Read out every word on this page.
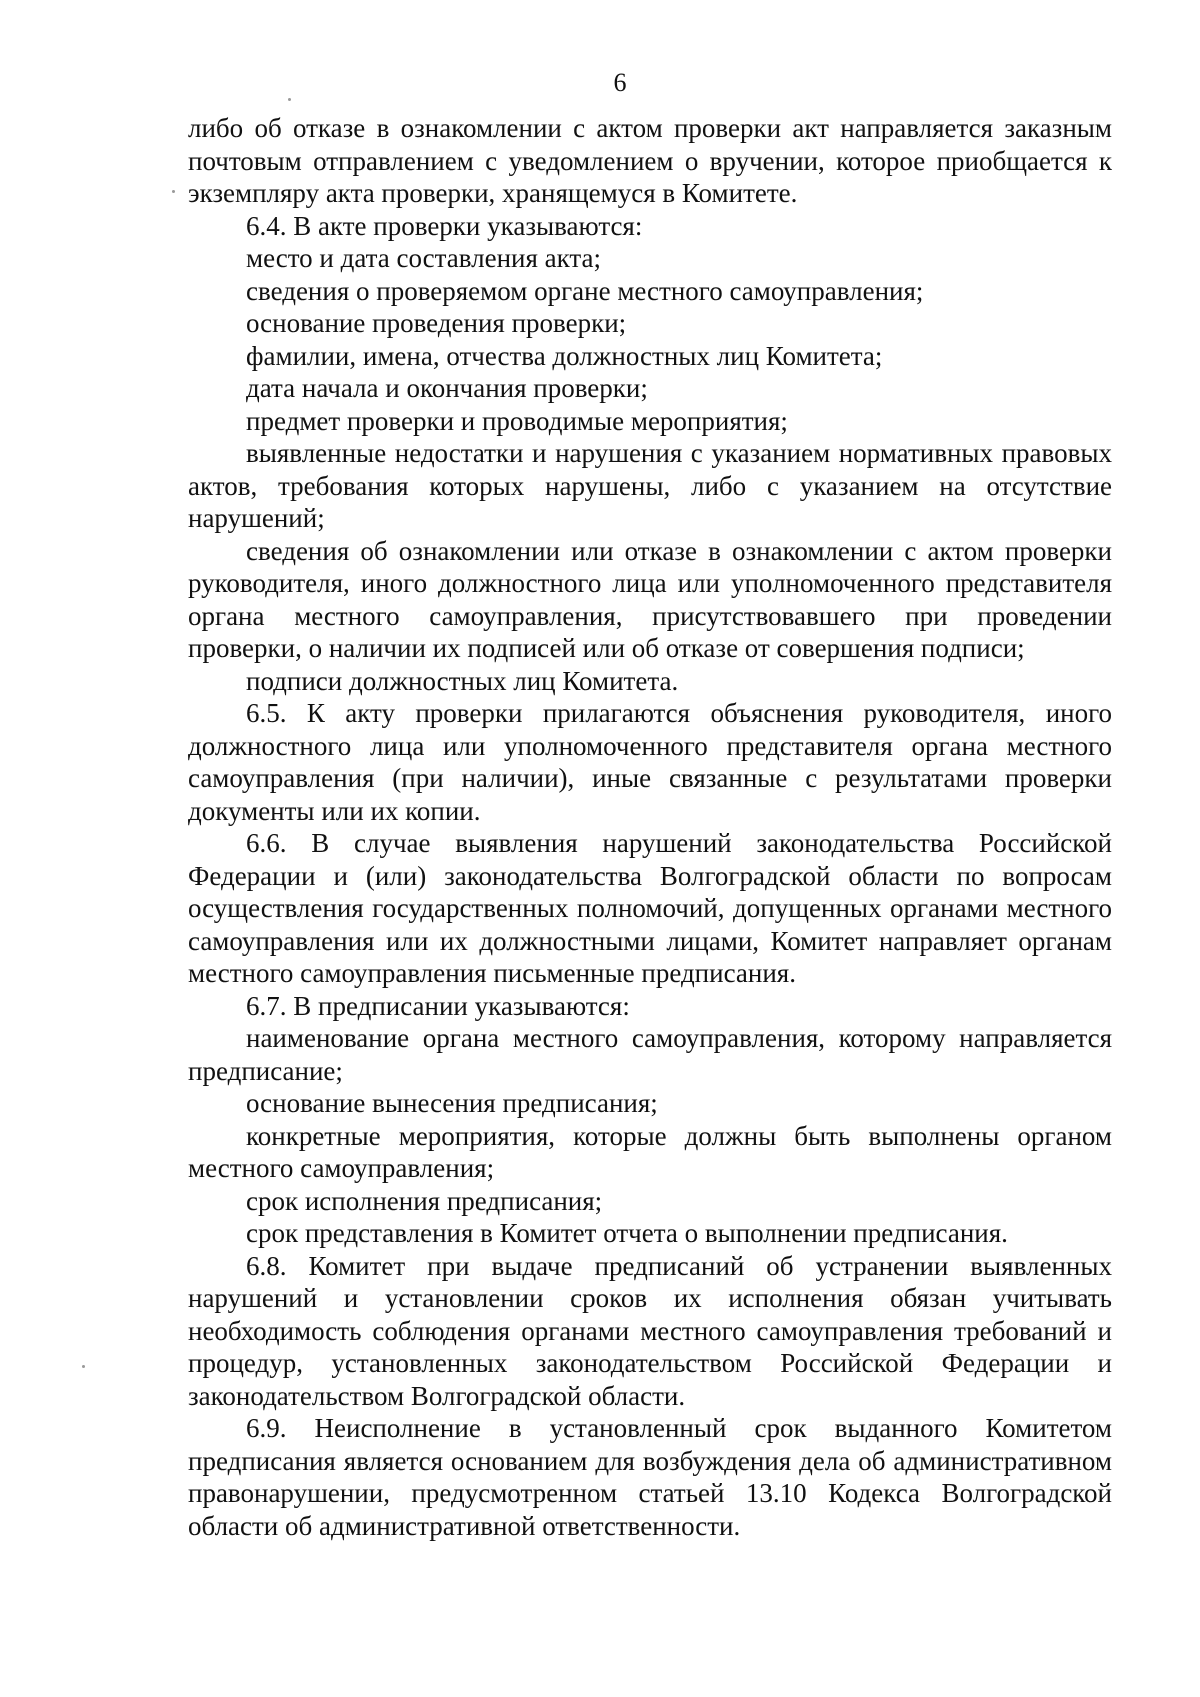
6

либо об отказе в ознакомлении с актом проверки акт направляется заказным почтовым отправлением с уведомлением о вручении, которое приобщается к экземпляру акта проверки, хранящемуся в Комитете.

6.4. В акте проверки указываются:

место и дата составления акта;

сведения о проверяемом органе местного самоуправления;

основание проведения проверки;

фамилии, имена, отчества должностных лиц Комитета;

дата начала и окончания проверки;

предмет проверки и проводимые мероприятия;

выявленные недостатки и нарушения с указанием нормативных правовых актов, требования которых нарушены, либо с указанием на отсутствие нарушений;

сведения об ознакомлении или отказе в ознакомлении с актом проверки руководителя, иного должностного лица или уполномоченного представителя органа местного самоуправления, присутствовавшего при проведении проверки, о наличии их подписей или об отказе от совершения подписи;

подписи должностных лиц Комитета.

6.5. К акту проверки прилагаются объяснения руководителя, иного должностного лица или уполномоченного представителя органа местного самоуправления (при наличии), иные связанные с результатами проверки документы или их копии.

6.6. В случае выявления нарушений законодательства Российской Федерации и (или) законодательства Волгоградской области по вопросам осуществления государственных полномочий, допущенных органами местного самоуправления или их должностными лицами, Комитет направляет органам местного самоуправления письменные предписания.

6.7. В предписании указываются:

наименование органа местного самоуправления, которому направляется предписание;

основание вынесения предписания;

конкретные мероприятия, которые должны быть выполнены органом местного самоуправления;

срок исполнения предписания;

срок представления в Комитет отчета о выполнении предписания.

6.8. Комитет при выдаче предписаний об устранении выявленных нарушений и установлении сроков их исполнения обязан учитывать необходимость соблюдения органами местного самоуправления требований и процедур, установленных законодательством Российской Федерации и законодательством Волгоградской области.

6.9. Неисполнение в установленный срок выданного Комитетом предписания является основанием для возбуждения дела об административном правонарушении, предусмотренном статьей 13.10 Кодекса Волгоградской области об административной ответственности.
